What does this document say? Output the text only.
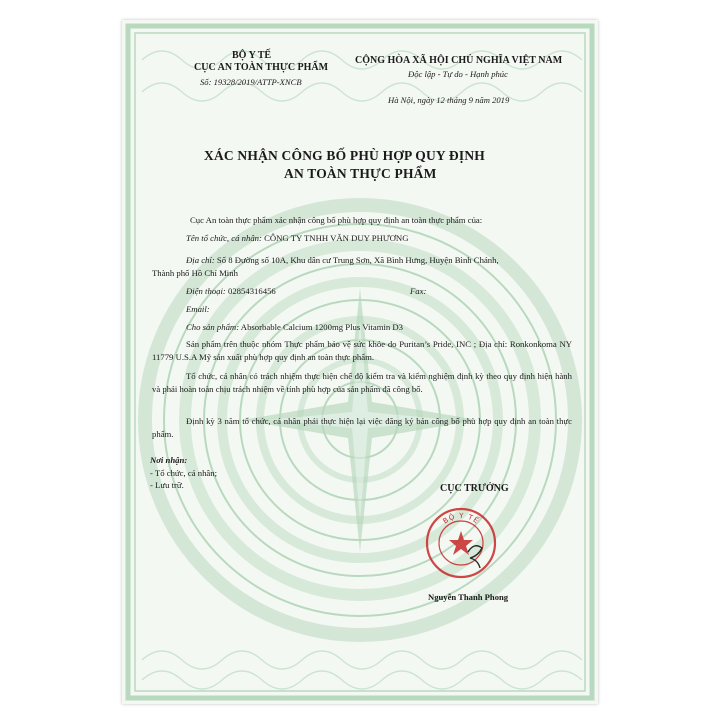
BỘ Y TẾ
CỤC AN TOÀN THỰC PHẨM
Số: 19328/2019/ATTP-XNCB
CỘNG HÒA XÃ HỘI CHỦ NGHĨA VIỆT NAM
Độc lập - Tự do - Hạnh phúc
Hà Nội, ngày 12 tháng 9 năm 2019
XÁC NHẬN CÔNG BỐ PHÙ HỢP QUY ĐỊNH
AN TOÀN THỰC PHẨM
Cục An toàn thực phẩm xác nhận công bố phù hợp quy định an toàn thực phẩm của:
Tên tổ chức, cá nhân: CÔNG TY TNHH VĂN DUY PHƯƠNG
Địa chỉ: Số 8 Đường số 10A, Khu dân cư Trung Sơn, Xã Bình Hưng, Huyện Bình Chánh,
Thành phố Hồ Chí Minh
Điện thoại: 02854316456	Fax:
Email:
Cho sản phẩm: Absorbable Calcium 1200mg Plus Vitamin D3
Sản phẩm trên thuộc nhóm Thực phẩm bảo vệ sức khỏe do Puritan’s Pride, INC ; Địa chỉ: Ronkonkoma NY 11779 U.S.A Mỹ sản xuất phù hợp quy định an toàn thực phẩm.
Tổ chức, cá nhân có trách nhiệm thực hiện chế độ kiểm tra và kiểm nghiệm định kỳ theo quy định hiện hành và phải hoàn toàn chịu trách nhiệm về tính phù hợp của sản phẩm đã công bố.
Định kỳ 3 năm tổ chức, cá nhân phải thực hiện lại việc đăng ký bản công bố phù hợp quy định an toàn thực phẩm.
Nơi nhận:
- Tổ chức, cá nhân;
- Lưu trữ.	CỤC TRƯỞNG
BỘ Y TẾ
Nguyễn Thanh Phong
